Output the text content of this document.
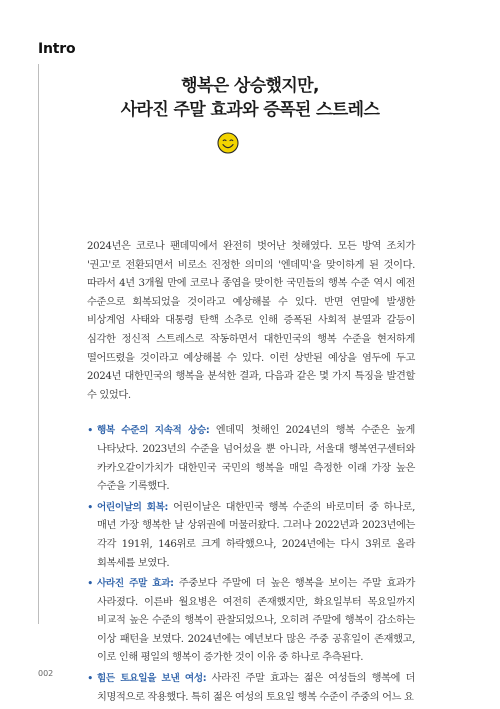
Intro
행복은 상승했지만,
사라진 주말 효과와 증폭된 스트레스

2024년은 코로나 팬데믹에서 완전히 벗어난 첫해였다. 모든 방역 조치가 '권고'로 전환되면서 비로소 진정한 의미의 '엔데믹'을 맞이하게 된 것이다. 따라서 4년 3개월 만에 코로나 종엽을 맞이한 국민들의 행복 수준 역시 예전 수준으로 회복되었을 것이라고 예상해볼 수 있다. 반면 연말에 발생한 비상계엄 사태와 대통령 탄핵 소추로 인해 증폭된 사회적 분열과 갈등이 심각한 정신적 스트레스로 작동하면서 대한민국의 행복 수준을 현저하게 떨어뜨렸을 것이라고 예상해볼 수 있다. 이런 상반된 예상을 염두에 두고 2024년 대한민국의 행복을 분석한 결과, 다음과 같은 몇 가지 특징을 발견할 수 있었다.

• 행복 수준의 지속적 상승: 엔데믹 첫해인 2024년의 행복 수준은 높게 나타났다. 2023년의 수준을 넘어섰을 뿐 아니라, 서울대 행복연구센터와 카카오같이가치가 대한민국 국민의 행복을 매일 측정한 이래 가장 높은 수준을 기록했다.
• 어린이날의 회복: 어린이날은 대한민국 행복 수준의 바로미터 중 하나로, 매년 가장 행복한 날 상위권에 머물러왔다. 그러나 2022년과 2023년에는 각각 191위, 146위로 크게 하락했으나, 2024년에는 다시 3위로 올라 회복세를 보였다.
• 사라진 주말 효과: 주중보다 주말에 더 높은 행복을 보이는 주말 효과가 사라졌다. 이른바 월요병은 여전히 존재했지만, 화요일부터 목요일까지 비교적 높은 수준의 행복이 관찰되었으나, 오히려 주말에 행복이 감소하는 이상 패턴을 보였다. 2024년에는 예년보다 많은 주중 공휴일이 존재했고, 이로 인해 평일의 행복이 증가한 것이 이유 중 하나로 추측된다.
• 힘든 토요일을 보낸 여성: 사라진 주말 효과는 젊은 여성들의 행복에 더 치명적으로 작용했다. 특히 젊은 여성의 토요일 행복 수준이 주중의 어느 요
002
